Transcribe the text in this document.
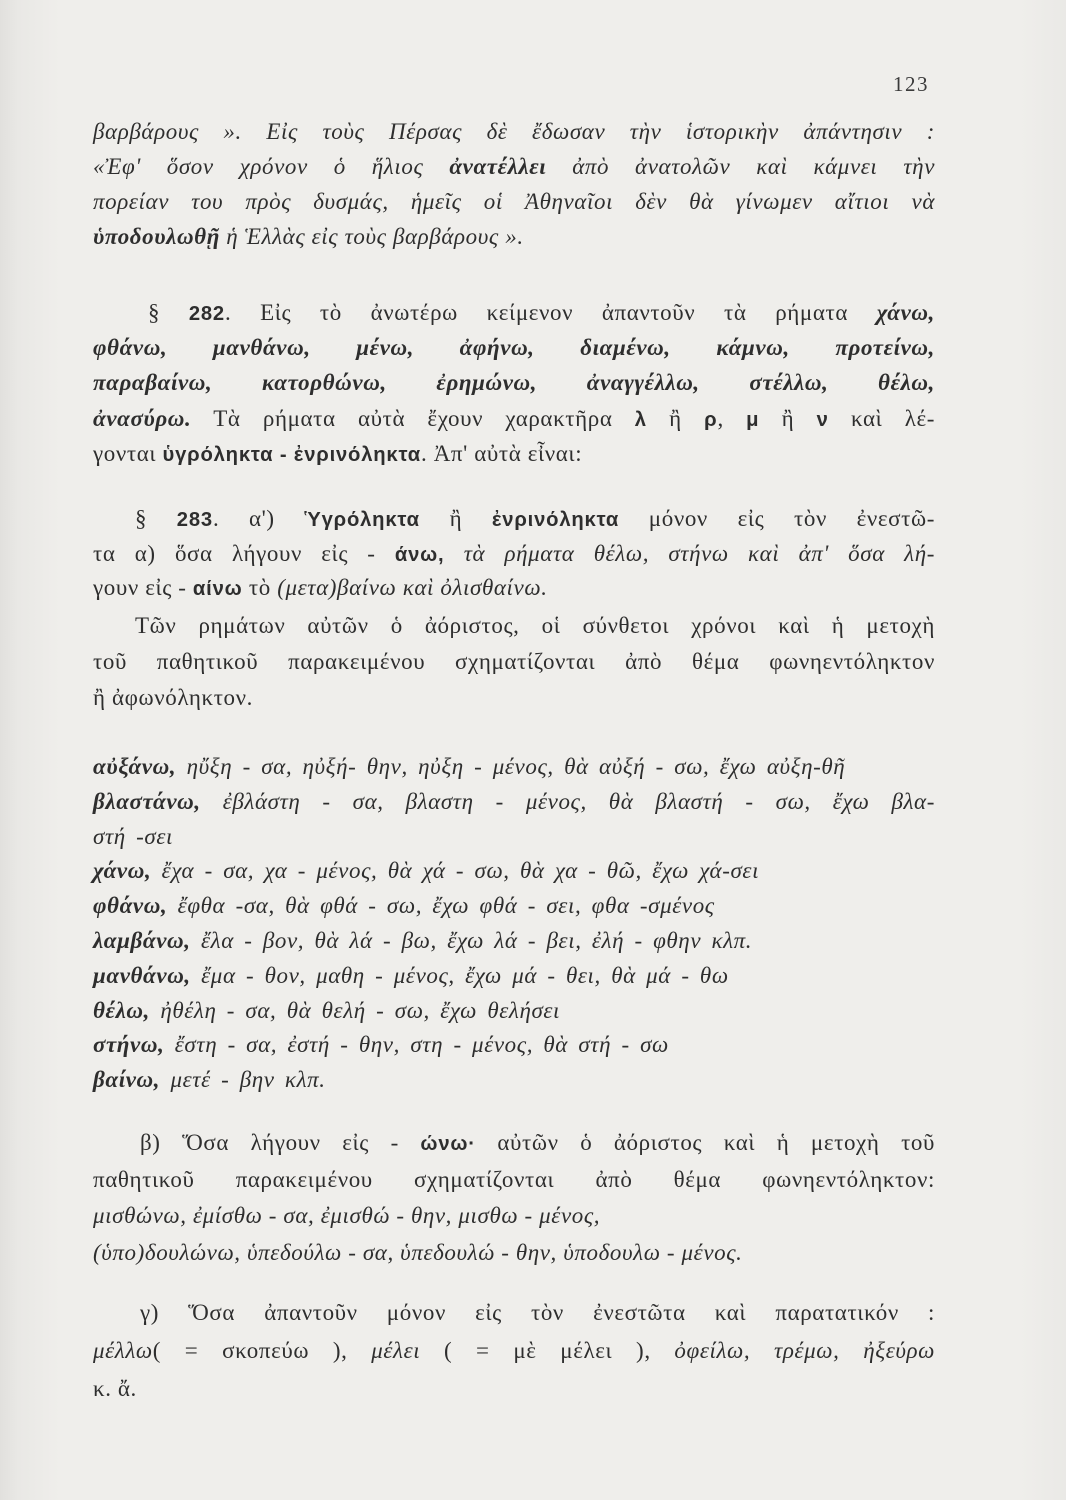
123
βαρβάρους ». Εἰς τοὺς Πέρσας δὲ ἔδωσαν τὴν ἱστορικὴν ἀπάντησιν :
«Ἐφ' ὅσον χρόνον ὁ ἥλιος ἀνατέλλει ἀπὸ ἀνατολῶν καὶ κάμνει τὴν
πορείαν του πρὸς δυσμάς, ἡμεῖς οἱ Ἀθηναῖοι δὲν θὰ γίνωμεν αἴτιοι νὰ
ὑποδουλωθῇ ἡ Ἑλλὰς εἰς τοὺς βαρβάρους ».
§ 282. Εἰς τὸ ἀνωτέρω κείμενον ἀπαντοῦν τὰ ρήματα χάνω,
φθάνω, μανθάνω, μένω, ἀφήνω, διαμένω, κάμνω, προτείνω,
παραβαίνω, κατορθώνω, ἐρημώνω, ἀναγγέλλω, στέλλω, θέλω,
ἀνασύρω. Τὰ ρήματα αὐτὰ ἔχουν χαρακτῆρα λ ἢ ρ, μ ἢ ν καὶ λέ-
γονται ὑγρόληκτα - ἐνρινόληκτα. Ἀπ' αὐτὰ εἶναι:
§ 283. α') Ὑγρόληκτα ἢ ἐνρινόληκτα μόνον εἰς τὸν ἐνεστῶ-
τα α) ὅσα λήγουν εἰς - άνω, τὰ ρήματα θέλω, στήνω καὶ ἀπ' ὅσα λή-
γουν εἰς - αίνω τὸ (μετα)βαίνω καὶ ὀλισθαίνω.
Τῶν ρημάτων αὐτῶν ὁ ἀόριστος, οἱ σύνθετοι χρόνοι καὶ ἡ μετοχὴ
τοῦ παθητικοῦ παρακειμένου σχηματίζονται ἀπὸ θέμα φωνηεντόληκτον
ἢ ἀφωνόληκτον.
αὐξάνω, ηὔξη - σα, ηὐξή- θην, ηὐξη - μένος, θὰ αὐξή - σω, ἔχω αὐξη-θῆ
βλαστάνω, ἐβλάστη - σα, βλαστη - μένος, θὰ βλαστή - σω, ἔχω βλα-
στή -σει
χάνω, ἔχα - σα, χα - μένος, θὰ χά - σω, θὰ χα - θῶ, ἔχω χά-σει
φθάνω, ἔφθα -σα, θὰ φθά - σω, ἔχω φθά - σει, φθα -σμένος
λαμβάνω, ἔλα - βον, θὰ λά - βω, ἔχω λά - βει, ἐλή - φθην κλπ.
μανθάνω, ἔμα - θον, μαθη - μένος, ἔχω μά - θει, θὰ μά - θω
θέλω, ἠθέλη - σα, θὰ θελή - σω, ἔχω θελήσει
στήνω, ἔστη - σα, ἐστή - θην, στη - μένος, θὰ στή - σω
βαίνω, μετέ - βην κλπ.
β) Ὅσα λήγουν εἰς - ώνω· αὐτῶν ὁ ἀόριστος καὶ ἡ μετοχὴ τοῦ
παθητικοῦ παρακειμένου σχηματίζονται ἀπὸ θέμα φωνηεντόληκτον:
μισθώνω, ἐμίσθω - σα, ἐμισθώ - θην, μισθω - μένος,
(ὑπο)δουλώνω, ὑπεδούλω - σα, ὑπεδουλώ - θην, ὑποδουλω - μένος.
γ) Ὅσα ἀπαντοῦν μόνον εἰς τὸν ἐνεστῶτα καὶ παρατατικόν :
μέλλω( = σκοπεύω ), μέλει ( = μὲ μέλει ), ὀφείλω, τρέμω, ἠξεύρω
κ. ἄ.
